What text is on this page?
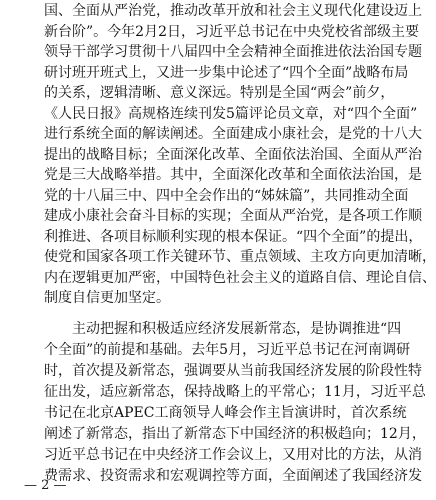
国、全面从严治党，推动改革开放和社会主义现代化建设迈上
新台阶”。今年2月2日，习近平总书记在中央党校省部级主要
领导干部学习贯彻十八届四中全会精神全面推进依法治国专题
研讨班开班式上，又进一步集中论述了“四个全面”战略布局
的关系，逻辑清晰、意义深远。特别是全国“两会”前夕，
《人民日报》高规格连续刊发5篇评论员文章，对“四个全面”
进行系统全面的解读阐述。全面建成小康社会，是党的十八大
提出的战略目标；全面深化改革、全面依法治国、全面从严治
党是三大战略举措。其中，全面深化改革和全面依法治国，是
党的十八届三中、四中全会作出的“姊妹篇”，共同推动全面
建成小康社会奋斗目标的实现；全面从严治党，是各项工作顺
利推进、各项目标顺利实现的根本保证。“四个全面”的提出，
使党和国家各项工作关键环节、重点领域、主攻方向更加清晰，
内在逻辑更加严密，中国特色社会主义的道路自信、理论自信、
制度自信更加坚定。
主动把握和积极适应经济发展新常态，是协调推进“四
个全面”的前提和基础。去年5月，习近平总书记在河南调研
时，首次提及新常态，强调要从当前我国经济发展的阶段性特
征出发，适应新常态，保持战略上的平常心；11月，习近平总
书记在北京APEC工商领导人峰会作主旨演讲时，首次系统
阐述了新常态，指出了新常态下中国经济的积极趋向；12月，
习近平总书记在中央经济工作会议上，又用对比的方法，从消
费需求、投资需求和宏观调控等方面，全面阐述了我国经济发
— 2 —
